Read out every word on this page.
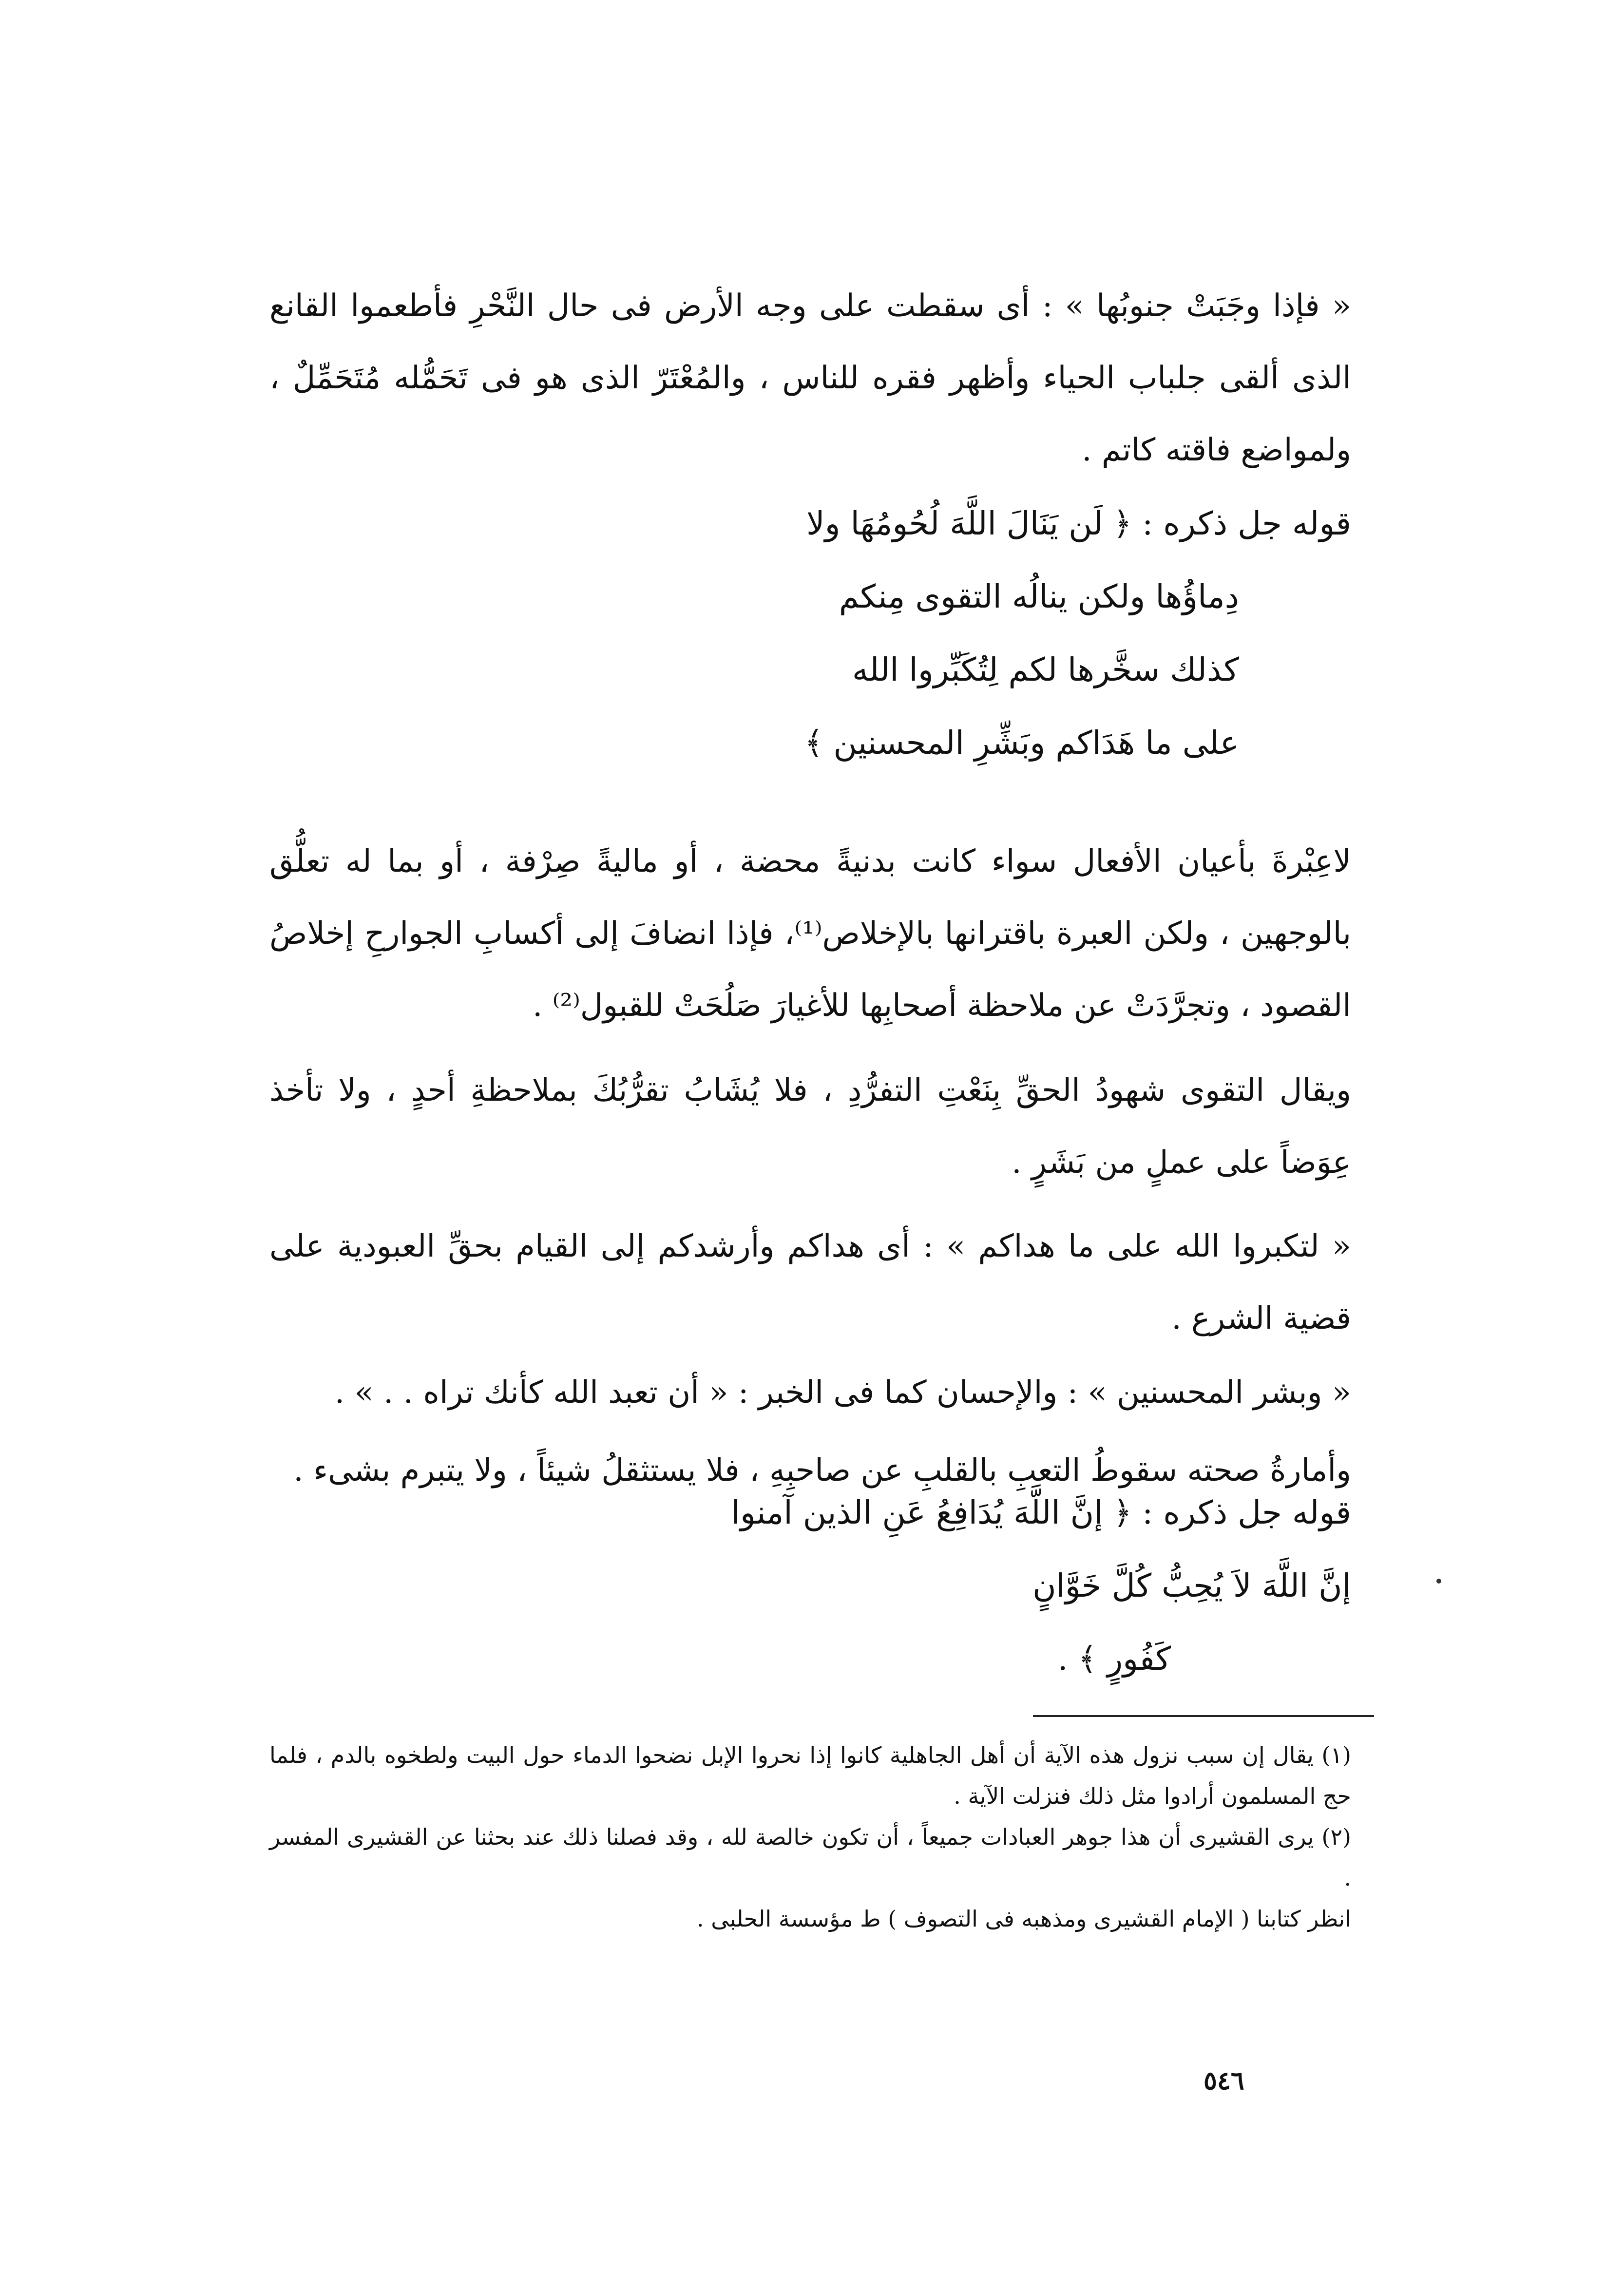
« فإذا وجَبَتْ جنوبُها » : أى سقطت على وجه الأرض فى حال النَّحْرِ فأطعموا القانع الذى ألقى جلباب الحياء وأظهر فقره للناس ، والمُعْتَرّ الذى هو فى تَحَمُّله مُتَحَمِّلٌ ، ولمواضع فاقته كاتم .

قوله جل ذكره : ﴿ لَن يَنَالَ اللَّهَ لُحُومُهَا ولا
دِماؤُها ولكن ينالُه التقوى مِنكم
كذلك سخَّرها لكم لِتُكَبِّروا الله
على ما هَدَاكم وبَشِّرِ المحسنين ﴾

لاعِبْرةَ بأعيان الأفعال سواء كانت بدنيةً محضة ، أو ماليةً صِرْفة ، أو بما له تعلُّق بالوجهين ، ولكن العبرة باقترانها بالإخلاص⁽¹⁾، فإذا انضافَ إلى أكسابِ الجوارحِ إخلاصُ القصود ، وتجرَّدَتْ عن ملاحظة أصحابِها للأغيارَ صَلُحَتْ للقبول⁽²⁾ .

ويقال التقوى شهودُ الحقِّ بِنَعْتِ التفرُّدِ ، فلا يُشَابُ تقرُّبُكَ بملاحظةِ أحدٍ ، ولا تأخذ عِوَضاً على عملٍ من بَشَرٍ .

« لتكبروا الله على ما هداكم » : أى هداكم وأرشدكم إلى القيام بحقِّ العبودية على قضية الشرع .

« وبشر المحسنين » : والإحسان كما فى الخبر : « أن تعبد الله كأنك تراه . . » .

وأمارةُ صحته سقوطُ التعبِ بالقلبِ عن صاحبِهِ ، فلا يستثقلُ شيئاً ، ولا يتبرم بشىء .

قوله جل ذكره : ﴿ إنَّ اللَّهَ يُدَافِعُ عَنِ الذين آمنوا
إنَّ اللَّهَ لاَ يُحِبُّ كُلَّ خَوَّانٍ
كَفُورٍ ﴾ .

(١) يقال إن سبب نزول هذه الآية أن أهل الجاهلية كانوا إذا نحروا الإبل نضحوا الدماء حول البيت ولطخوه بالدم ، فلما حج المسلمون أرادوا مثل ذلك فنزلت الآية .

(٢) يرى القشيرى أن هذا جوهر العبادات جميعاً ، أن تكون خالصة لله ، وقد فصلنا ذلك عند بحثنا عن القشيرى المفسر .

انظر كتابنا ( الإمام القشيرى ومذهبه فى التصوف ) ط مؤسسة الحلبى .

٥٤٦
